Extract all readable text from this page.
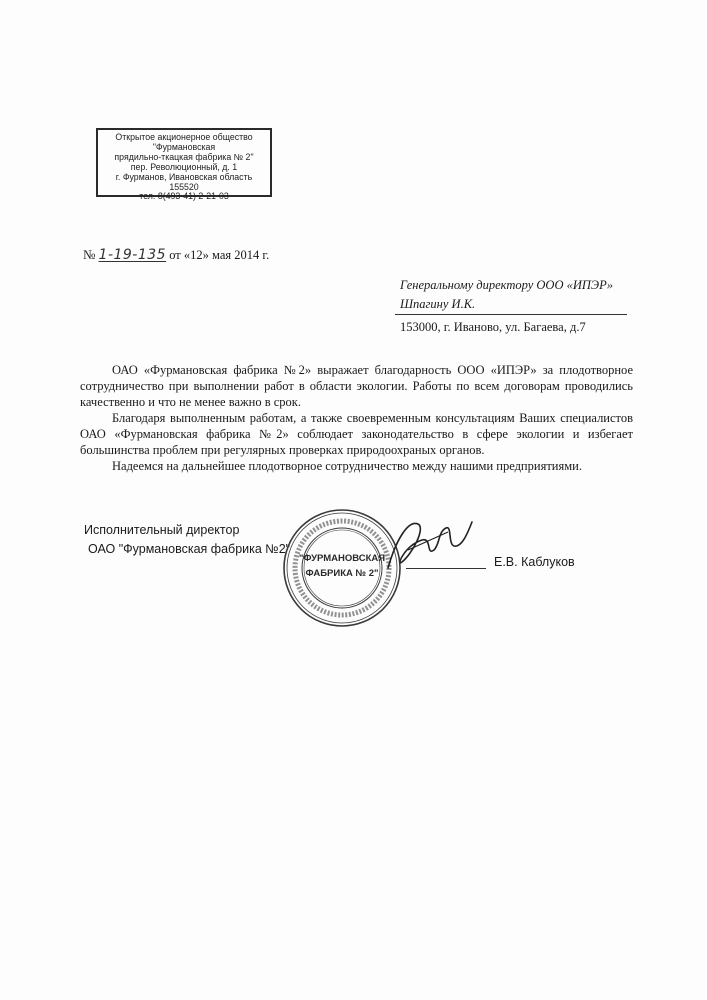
Открытое акционерное общество
"Фурмановская
прядильно-ткацкая фабрика № 2"
пер. Революционный, д. 1
г. Фурманов, Ивановская область
155520
тел. 8(493-41) 2-21-03
№ 1-19-135 от «12» мая 2014 г.
Генеральному директору ООО «ИПЭР»
Шпагину И.К.
153000, г. Иваново, ул. Багаева, д.7

ОАО «Фурмановская фабрика №2» выражает благодарность ООО «ИПЭР» за плодотворное сотрудничество при выполнении работ в области экологии. Работы по всем договорам проводились качественно и что не менее важно в срок.

Благодаря выполненным работам, а также своевременным консультациям Ваших специалистов ОАО «Фурмановская фабрика №2» соблюдает законодательство в сфере экологии и избегает большинства проблем при регулярных проверках природоохраных органов.

Надеемся на дальнейшее плодотворное сотрудничество между нашими предприятиями.

Исполнительный директор
ОАО "Фурмановская фабрика №2"
"ФУРМАНОВСКАЯ
ФАБРИКА № 2"
Е.В. Каблуков
